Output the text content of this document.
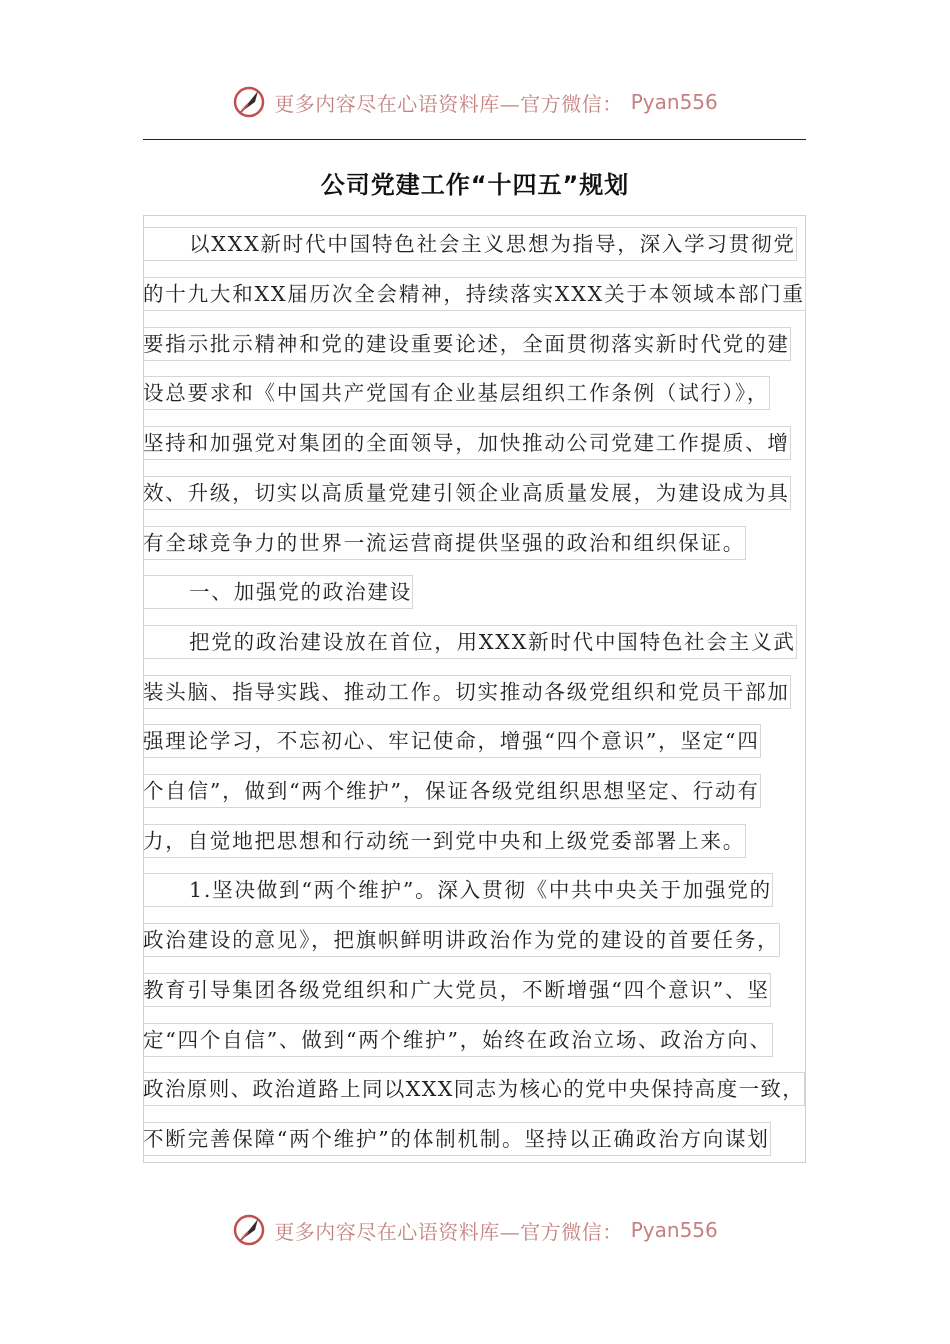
更多内容尽在心语资料库—官方微信： Pyan556
公司党建工作“十四五”规划
以XXX新时代中国特色社会主义思想为指导，深入学习贯彻党
的十九大和XX届历次全会精神，持续落实XXX关于本领域本部门重
要指示批示精神和党的建设重要论述，全面贯彻落实新时代党的建
设总要求和《中国共产党国有企业基层组织工作条例（试行）》，
坚持和加强党对集团的全面领导，加快推动公司党建工作提质、增
效、升级，切实以高质量党建引领企业高质量发展，为建设成为具
有全球竞争力的世界一流运营商提供坚强的政治和组织保证。
一、加强党的政治建设
把党的政治建设放在首位，用XXX新时代中国特色社会主义武
装头脑、指导实践、推动工作。切实推动各级党组织和党员干部加
强理论学习，不忘初心、牢记使命，增强“四个意识”，坚定“四
个自信”，做到“两个维护”，保证各级党组织思想坚定、行动有
力，自觉地把思想和行动统一到党中央和上级党委部署上来。
1.坚决做到“两个维护”。深入贯彻《中共中央关于加强党的
政治建设的意见》，把旗帜鲜明讲政治作为党的建设的首要任务，
教育引导集团各级党组织和广大党员，不断增强“四个意识”、坚
定“四个自信”、做到“两个维护”，始终在政治立场、政治方向、
政治原则、政治道路上同以XXX同志为核心的党中央保持高度一致，
不断完善保障“两个维护”的体制机制。坚持以正确政治方向谋划
更多内容尽在心语资料库—官方微信： Pyan556
